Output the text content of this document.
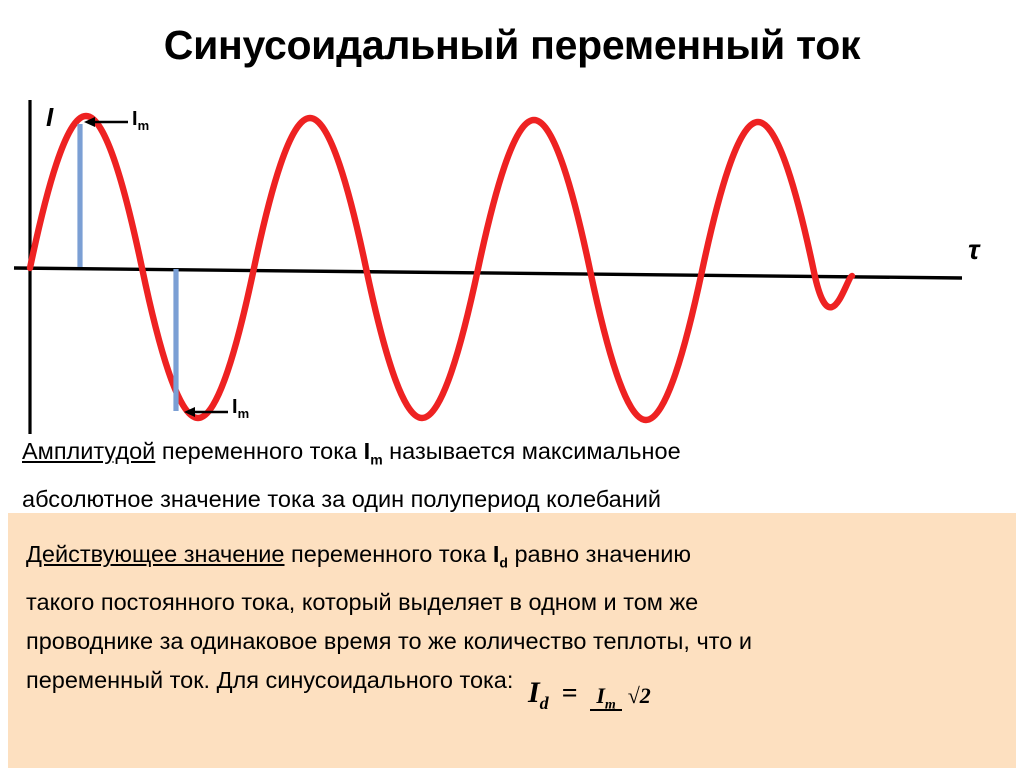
Синусоидальный переменный ток
I
τ
$I_m$
$I_m$
Амплитудой переменного тока $I_m$ называется максимальное
абсолютное значение тока за один полупериод колебаний
Действующее значение переменного тока $I_d$ равно значению
такого постоянного тока, который выделяет в одном и том же
проводнике за одинаковое время то же количество теплоты, что и
переменный ток. Для синусоидального тока: $I_d = I_m$ √2
